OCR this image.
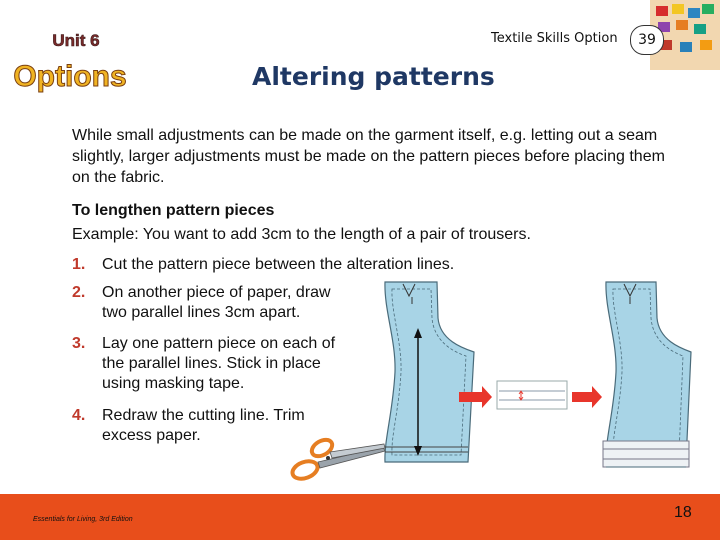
Unit 6
Options
Textile Skills Option	39
Altering patterns
While small adjustments can be made on the garment itself, e.g. letting out a seam slightly, larger adjustments must be made on the pattern pieces before placing them on the fabric.
To lengthen pattern pieces
Example: You want to add 3cm to the length of a pair of trousers.
1. Cut the pattern piece between the alteration lines.
2. On another piece of paper, draw
two parallel lines 3cm apart.
3. Lay one pattern piece on each of
the parallel lines. Stick in place
using masking tape.
4. Redraw the cutting line. Trim
excess paper.
Essentials for Living, 3rd Edition	18
